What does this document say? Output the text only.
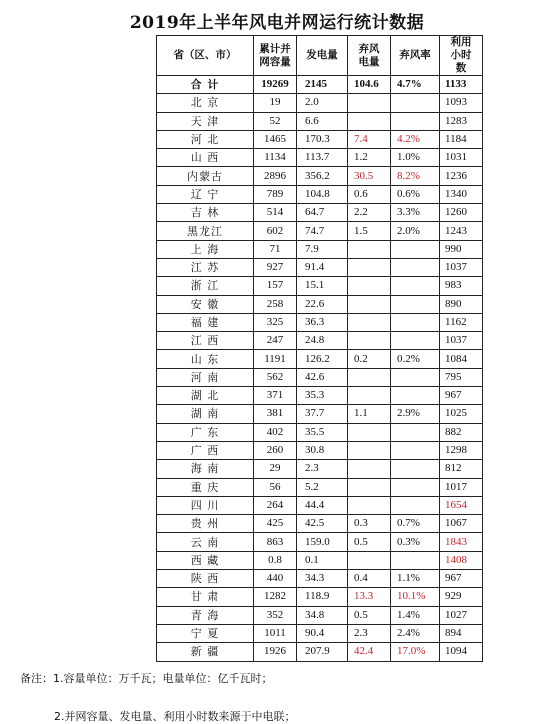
2019年上半年风电并网运行统计数据
省（区、市）	累计并网容量	发电量	弃风电量	弃风率	利用小时数
合 计	19269	2145	104.6	4.7%	1133
北 京	19	2.0			1093
天 津	52	6.6			1283
河 北	1465	170.3	7.4	4.2%	1184
山 西	1134	113.7	1.2	1.0%	1031
内蒙古	2896	356.2	30.5	8.2%	1236
辽 宁	789	104.8	0.6	0.6%	1340
吉 林	514	64.7	2.2	3.3%	1260
黑龙江	602	74.7	1.5	2.0%	1243
上 海	71	7.9			990
江 苏	927	91.4			1037
浙 江	157	15.1			983
安 徽	258	22.6			890
福 建	325	36.3			1162
江 西	247	24.8			1037
山 东	1191	126.2	0.2	0.2%	1084
河 南	562	42.6			795
湖 北	371	35.3			967
湖 南	381	37.7	1.1	2.9%	1025
广 东	402	35.5			882
广 西	260	30.8			1298
海 南	29	2.3			812
重 庆	56	5.2			1017
四 川	264	44.4			1654
贵 州	425	42.5	0.3	0.7%	1067
云 南	863	159.0	0.5	0.3%	1843
西 藏	0.8	0.1			1408
陕 西	440	34.3	0.4	1.1%	967
甘 肃	1282	118.9	13.3	10.1%	929
青 海	352	34.8	0.5	1.4%	1027
宁 夏	1011	90.4	2.3	2.4%	894
新 疆	1926	207.9	42.4	17.0%	1094
备注：1.容量单位：万千瓦；电量单位：亿千瓦时；
2.并网容量、发电量、利用小时数来源于中电联；
